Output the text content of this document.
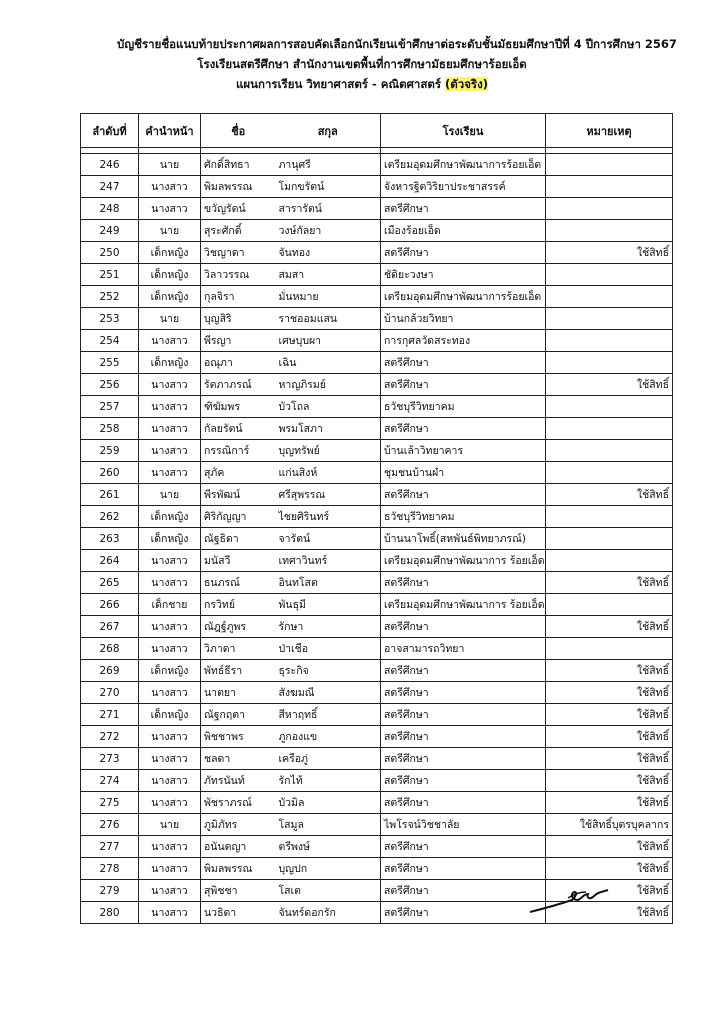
บัญชีรายชื่อแนบท้ายประกาศผลการสอบคัดเลือกนักเรียนเข้าศึกษาต่อระดับชั้นมัธยมศึกษาปีที่ 4 ปีการศึกษา 2567
โรงเรียนสตรีศึกษา สำนักงานเขตพื้นที่การศึกษามัธยมศึกษาร้อยเอ็ด
แผนการเรียน วิทยาศาสตร์ - คณิตศาสตร์ (ตัวจริง)
ลำดับที่	คำนำหน้า	ชื่อ	สกุล	โรงเรียน	หมายเหตุ

246	นาย	ศักดิ์สิทธา	ภานุศรี	เตรียมอุดมศึกษาพัฒนาการร้อยเอ็ด	
247	นางสาว	พิมลพรรณ	โมกขรัตน์	จังหารฐิตวิริยาประชาสรรค์	
248	นางสาว	ขวัญรัตน์	สารารัตน์	สตรีศึกษา	
249	นาย	สุระศักดิ์	วงษ์กัลยา	เมืองร้อยเอ็ด	
250	เด็กหญิง	วิชญาดา	จันทอง	สตรีศึกษา	ใช้สิทธิ์
251	เด็กหญิง	วิลาวรรณ	สมสา	ชัดิยะวงษา	
252	เด็กหญิง	กุลจิรา	มั่นหมาย	เตรียมอุดมศึกษาพัฒนาการร้อยเอ็ด	
253	นาย	บุญสิริ	ราชออมแสน	บ้านกล้วยวิทยา	
254	นางสาว	พีรญา	เศษบุบผา	การกุศลวัดสระทอง	
255	เด็กหญิง	อณุภา	เฉิน	สตรีศึกษา	
256	นางสาว	รัตภาภรณ์	หาญภิรมย์	สตรีศึกษา	ใช้สิทธิ์
257	นางสาว	ฑิฆัมพร	บัวโถล	ธวัชบุรีวิทยาคม	
258	นางสาว	กัลยรัตน์	พรมโสภา	สตรีศึกษา	
259	นางสาว	กรรณิการ์	บุญทรัพย์	บ้านเล้าวิทยาคาร	
260	นางสาว	สุภัค	แก่นสิงห์	ชุมชนบ้านผำ	
261	นาย	พีรพัฒน์	ศรีสุพรรณ	สตรีศึกษา	ใช้สิทธิ์
262	เด็กหญิง	ศิริกัญญา	ไชยศิรินทร์	ธวัชบุรีวิทยาคม	
263	เด็กหญิง	ณัฐธิดา	จารัตน์	บ้านนาโพธิ์(สหพันธ์พิทยาภรณ์)	
264	นางสาว	มนัสวี	เทศาวินทร์	เตรียมอุดมศึกษาพัฒนาการ ร้อยเอ็ด	
265	นางสาว	ธนภรณ์	อินทโสต	สตรีศึกษา	ใช้สิทธิ์
266	เด็กชาย	กรวิทย์	พันธุมี	เตรียมอุดมศึกษาพัฒนาการ ร้อยเอ็ด	
267	นางสาว	ณัฎฐ์ภูพร	รักษา	สตรีศึกษา	ใช้สิทธิ์
268	นางสาว	วิภาดา	ป่าเชือ	อาจสามารถวิทยา	
269	เด็กหญิง	พัทธ์ธีรา	ธุระกิจ	สตรีศึกษา	ใช้สิทธิ์
270	นางสาว	นาตยา	สังฆมณี	สตรีศึกษา	ใช้สิทธิ์
271	เด็กหญิง	ณัฐกฤตา	สีหาฤทธิ์	สตรีศึกษา	ใช้สิทธิ์
272	นางสาว	พิชชาพร	ภูกองแข	สตรีศึกษา	ใช้สิทธิ์
273	นางสาว	ชลดา	เครือภู่	สตรีศึกษา	ใช้สิทธิ์
274	นางสาว	ภัทรนันท์	รักไท้	สตรีศึกษา	ใช้สิทธิ์
275	นางสาว	พัชราภรณ์	บัวมิล	สตรีศึกษา	ใช้สิทธิ์
276	นาย	ภูมิภัทร	โสมูล	ไพโรจน์วิชชาลัย	ใช้สิทธิ์บุตรบุคลากร
277	นางสาว	อนันตญา	ตรีพงษ์	สตรีศึกษา	ใช้สิทธิ์
278	นางสาว	พิมลพรรณ	บุญปก	สตรีศึกษา	ใช้สิทธิ์
279	นางสาว	สุพิชชา	โสเต	สตรีศึกษา	ใช้สิทธิ์
280	นางสาว	นวธิดา	จันทร์ดอกรัก	สตรีศึกษา	ใช้สิทธิ์
